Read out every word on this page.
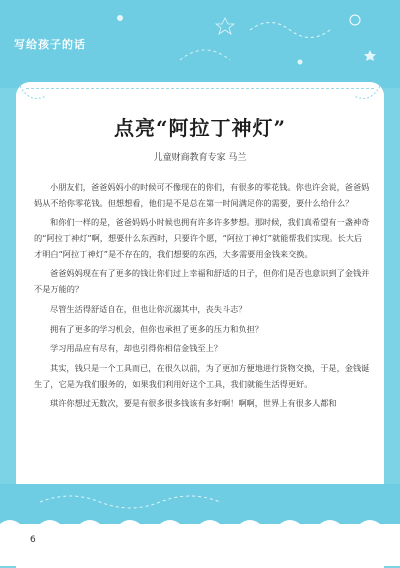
写给孩子的话
点亮“阿拉丁神灯”
儿童财商教育专家 马兰

小朋友们，爸爸妈妈小的时候可不像现在的你们，有很多的零花钱。你也许会说，爸爸妈妈从不给你零花钱。但想想看，他们是不是总在第一时间满足你的需要，要什么给什么？

和你们一样的是，爸爸妈妈小时候也拥有许多许多梦想。那时候，我们真希望有一盏神奇的“阿拉丁神灯”啊，想要什么东西时，只要许个愿，“阿拉丁神灯”就能帮我们实现。长大后才明白“阿拉丁神灯”是不存在的，我们想要的东西，大多需要用金钱来交换。

爸爸妈妈现在有了更多的钱让你们过上幸福和舒适的日子，但你们是否也意识到了金钱并不是万能的？

尽管生活得舒适自在，但也让你沉溺其中，丧失斗志？

拥有了更多的学习机会，但你也承担了更多的压力和负担？

学习用品应有尽有，却也引得你相信金钱至上？

其实，钱只是一个工具而已，在很久以前，为了更加方便地进行货物交换，于是，金钱诞生了，它是为我们服务的，如果我们利用好这个工具，我们就能生活得更好。

琪许你想过无数次，要是有很多很多钱该有多好啊！啊啊，世界上有很多人都和

6
